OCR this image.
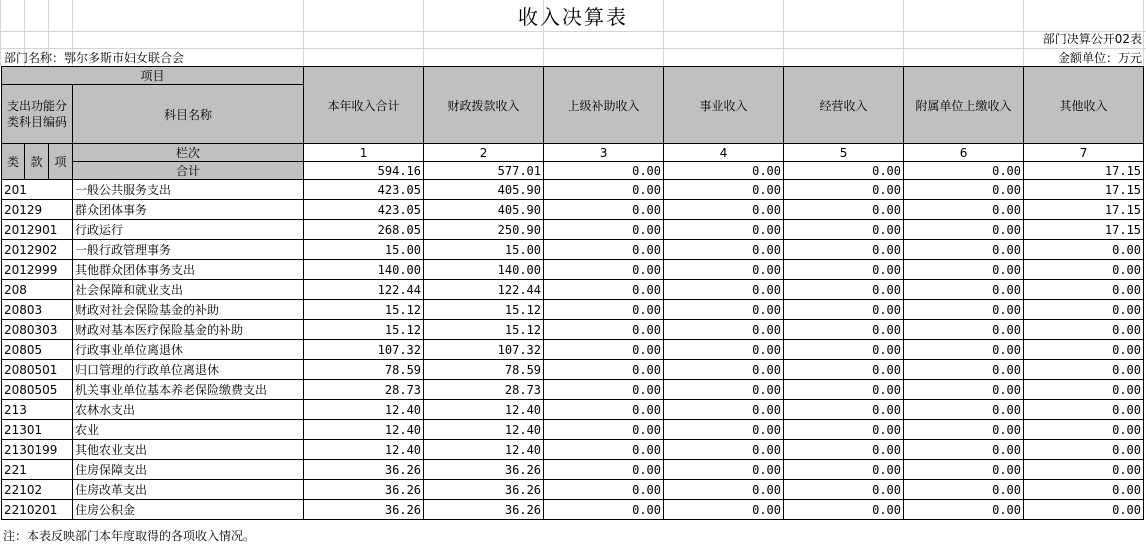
收入决算表
部门决算公开02表
部门名称：鄂尔多斯市妇女联合会	金额单位：万元
项目				本年收入合计	财政拨款收入	上级补助收入	事业收入	经营收入	附属单位上缴收入	其他收入
支出功能分类科目编码			科目名称							
类	款	项	栏次	1	2	3	4	5	6	7
			合计	594.16	577.01	0.00	0.00	0.00	0.00	17.15
201			一般公共服务支出	423.05	405.90	0.00	0.00	0.00	0.00	17.15
20129			群众团体事务	423.05	405.90	0.00	0.00	0.00	0.00	17.15
2012901			行政运行	268.05	250.90	0.00	0.00	0.00	0.00	17.15
2012902			一般行政管理事务	15.00	15.00	0.00	0.00	0.00	0.00	0.00
2012999			其他群众团体事务支出	140.00	140.00	0.00	0.00	0.00	0.00	0.00
208			社会保障和就业支出	122.44	122.44	0.00	0.00	0.00	0.00	0.00
20803			财政对社会保险基金的补助	15.12	15.12	0.00	0.00	0.00	0.00	0.00
2080303			财政对基本医疗保险基金的补助	15.12	15.12	0.00	0.00	0.00	0.00	0.00
20805			行政事业单位离退休	107.32	107.32	0.00	0.00	0.00	0.00	0.00
2080501			归口管理的行政单位离退休	78.59	78.59	0.00	0.00	0.00	0.00	0.00
2080505			机关事业单位基本养老保险缴费支出	28.73	28.73	0.00	0.00	0.00	0.00	0.00
213			农林水支出	12.40	12.40	0.00	0.00	0.00	0.00	0.00
21301			农业	12.40	12.40	0.00	0.00	0.00	0.00	0.00
2130199			其他农业支出	12.40	12.40	0.00	0.00	0.00	0.00	0.00
221			住房保障支出	36.26	36.26	0.00	0.00	0.00	0.00	0.00
22102			住房改革支出	36.26	36.26	0.00	0.00	0.00	0.00	0.00
2210201			住房公积金	36.26	36.26	0.00	0.00	0.00	0.00	0.00
注：本表反映部门本年度取得的各项收入情况。
